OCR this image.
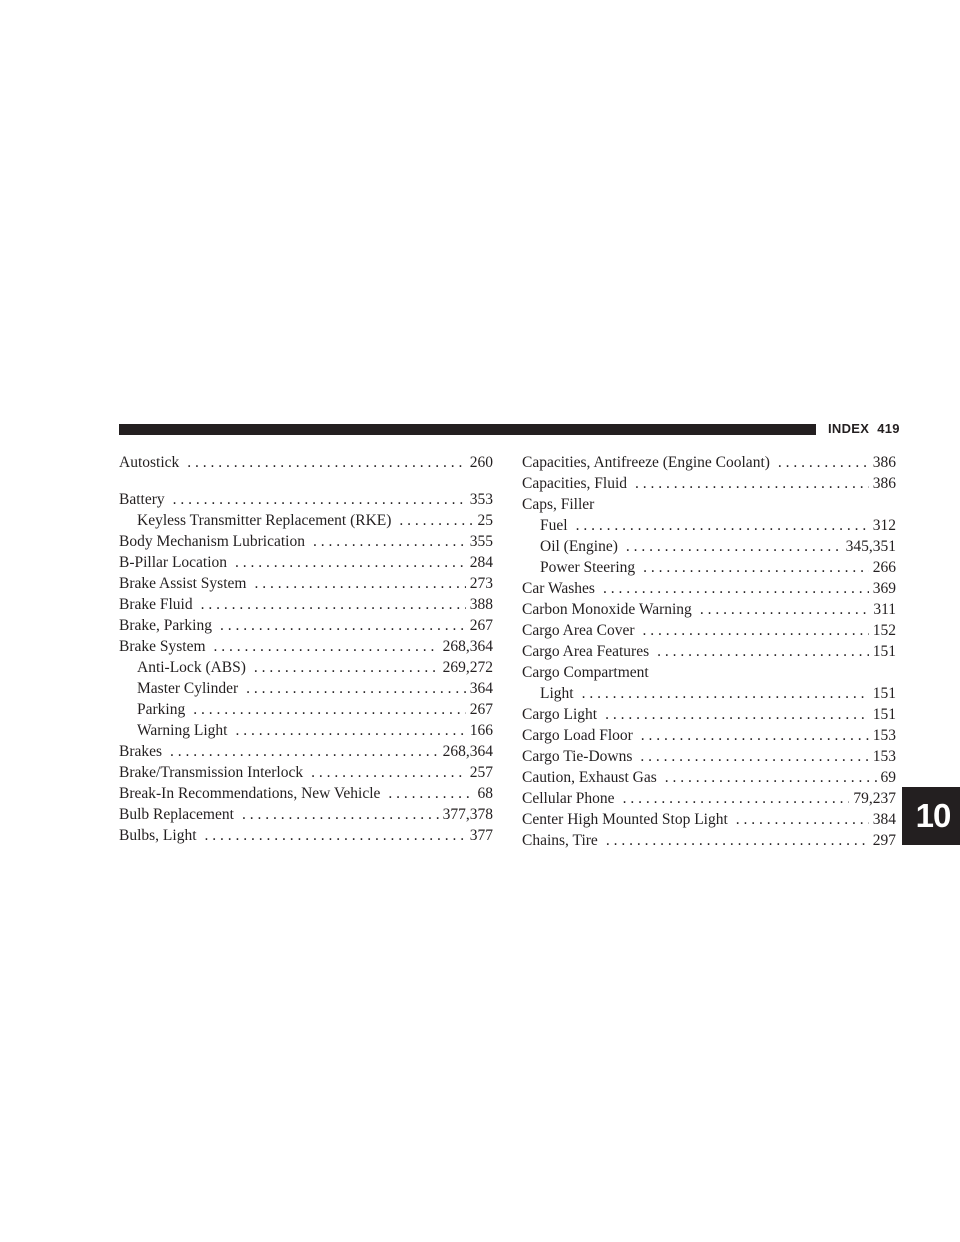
INDEX 419
Autostick . . .	260
Battery . . .	353
Keyless Transmitter Replacement (RKE) . . .	25
Body Mechanism Lubrication . . .	355
B-Pillar Location . . .	284
Brake Assist System . . .	273
Brake Fluid . . .	388
Brake, Parking . . .	267
Brake System . . .	268,364
Anti-Lock (ABS) . . .	269,272
Master Cylinder . . .	364
Parking . . .	267
Warning Light . . .	166
Brakes . . .	268,364
Brake/Transmission Interlock . . .	257
Break-In Recommendations, New Vehicle . . .	68
Bulb Replacement . . .	377,378
Bulbs, Light . . .	377
Capacities, Antifreeze (Engine Coolant) . . .	386
Capacities, Fluid . . .	386
Caps, Filler
Fuel . . .	312
Oil (Engine) . . .	345,351
Power Steering . . .	266
Car Washes . . .	369
Carbon Monoxide Warning . . .	311
Cargo Area Cover . . .	152
Cargo Area Features . . .	151
Cargo Compartment
Light . . .	151
Cargo Light . . .	151
Cargo Load Floor . . .	153
Cargo Tie-Downs . . .	153
Caution, Exhaust Gas . . .	69
Cellular Phone . . .	79,237
Center High Mounted Stop Light . . .	384
Chains, Tire . . .	297
10
